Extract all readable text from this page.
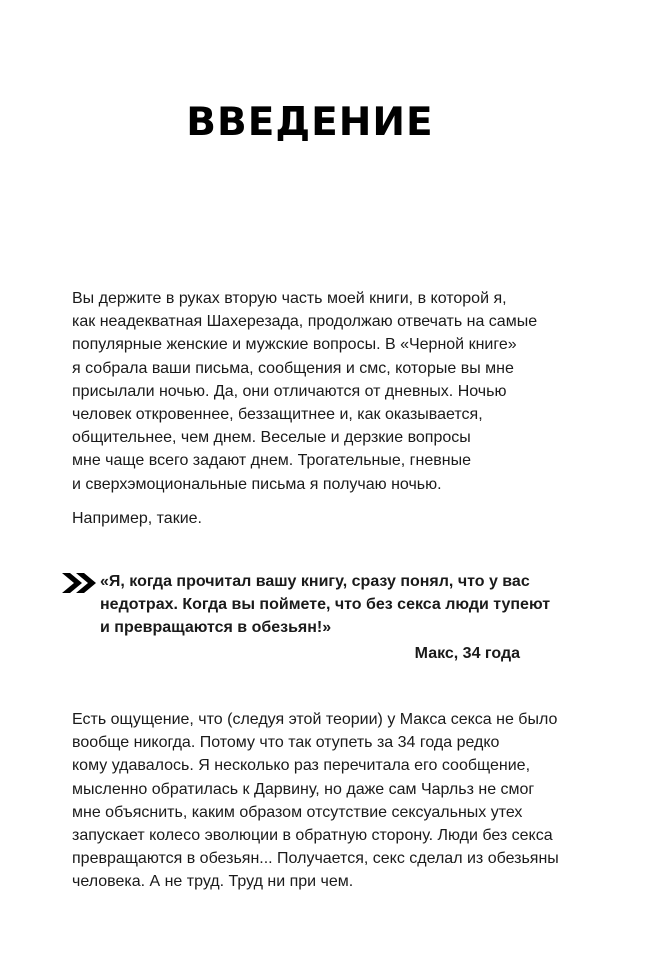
ВВЕДЕНИЕ
Вы держите в руках вторую часть моей книги, в которой я,
как неадекватная Шахерезада, продолжаю отвечать на самые
популярные женские и мужские вопросы. В «Черной книге»
я собрала ваши письма, сообщения и смс, которые вы мне
присылали ночью. Да, они отличаются от дневных. Ночью
человек откровеннее, беззащитнее и, как оказывается,
общительнее, чем днем. Веселые и дерзкие вопросы
мне чаще всего задают днем. Трогательные, гневные
и сверхэмоциональные письма я получаю ночью.
Например, такие.
«Я, когда прочитал вашу книгу, сразу понял, что у вас
недотрах. Когда вы поймете, что без секса люди тупеют
и превращаются в обезьян!»
Макс, 34 года
Есть ощущение, что (следуя этой теории) у Макса секса не было
вообще никогда. Потому что так отупеть за 34 года редко
кому удавалось. Я несколько раз перечитала его сообщение,
мысленно обратилась к Дарвину, но даже сам Чарльз не смог
мне объяснить, каким образом отсутствие сексуальных утех
запускает колесо эволюции в обратную сторону. Люди без секса
превращаются в обезьян... Получается, секс сделал из обезьяны
человека. А не труд. Труд ни при чем.
